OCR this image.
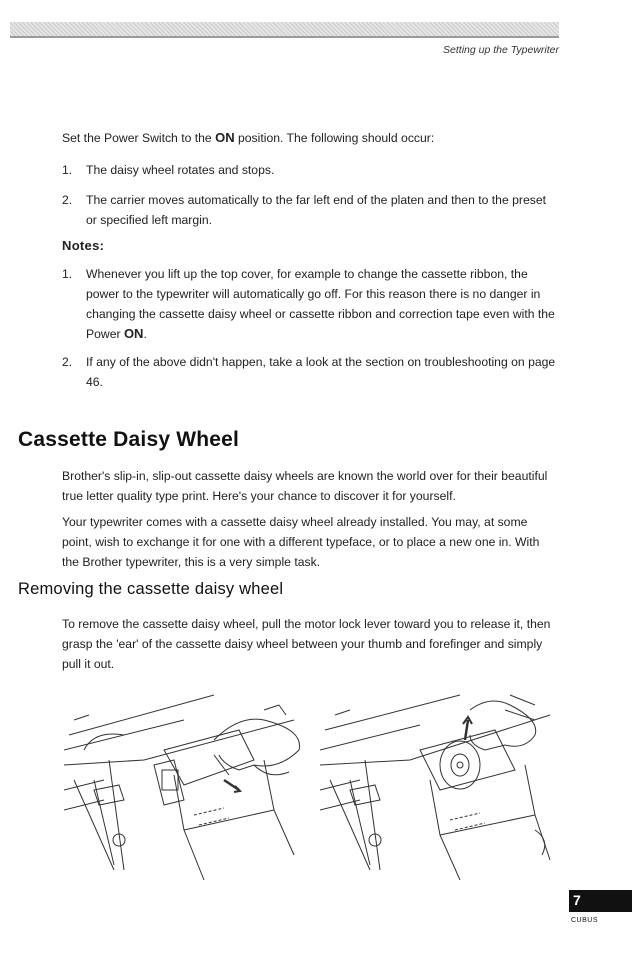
Setting up the Typewriter

Set the Power Switch to the ON position. The following should occur:

1.	The daisy wheel rotates and stops.
2.	The carrier moves automatically to the far left end of the platen and then to the preset or specified left margin.
Notes:
1.	Whenever you lift up the top cover, for example to change the cassette ribbon, the power to the typewriter will automatically go off. For this reason there is no danger in changing the cassette daisy wheel or cassette ribbon and correction tape even with the Power ON.
2.	If any of the above didn't happen, take a look at the section on troubleshooting on page 46.
Cassette Daisy Wheel

Brother's slip-in, slip-out cassette daisy wheels are known the world over for their beautiful true letter quality type print. Here's your chance to discover it for yourself.

Your typewriter comes with a cassette daisy wheel already installed. You may, at some point, wish to exchange it for one with a different typeface, or to place a new one in. With the Brother typewriter, this is a very simple task.

Removing the cassette daisy wheel

To remove the cassette daisy wheel, pull the motor lock lever toward you to release it, then grasp the 'ear' of the cassette daisy wheel between your thumb and forefinger and simply pull it out.

7
CUBUS
